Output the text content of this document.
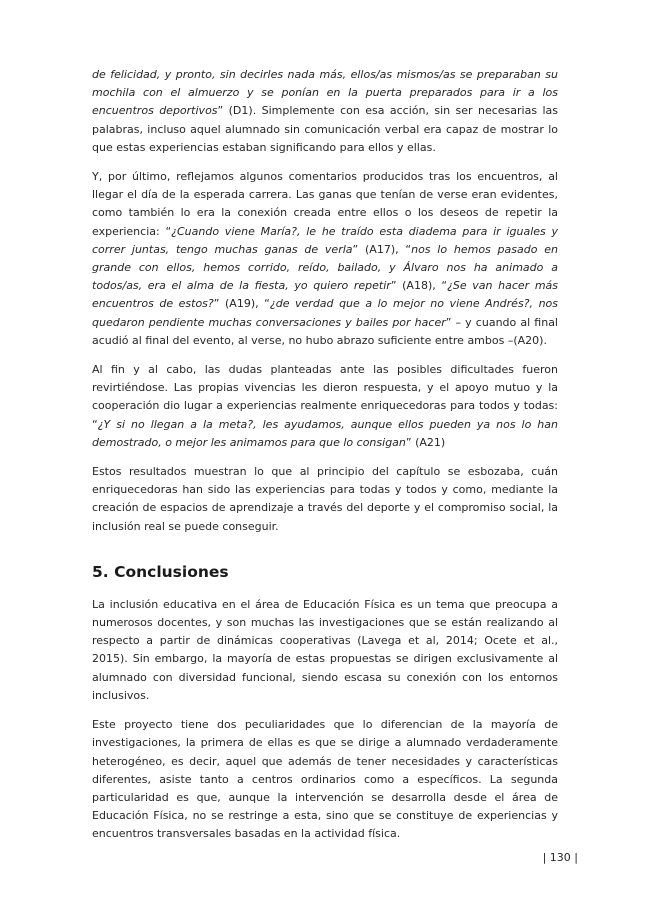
de felicidad, y pronto, sin decirles nada más, ellos/as mismos/as se preparaban su mochila con el almuerzo y se ponían en la puerta preparados para ir a los encuentros deportivos” (D1). Simplemente con esa acción, sin ser necesarias las palabras, incluso aquel alumnado sin comunicación verbal era capaz de mostrar lo que estas experiencias estaban significando para ellos y ellas.

Y, por último, reflejamos algunos comentarios producidos tras los encuentros, al llegar el día de la esperada carrera. Las ganas que tenían de verse eran evidentes, como también lo era la conexión creada entre ellos o los deseos de repetir la experiencia: “¿Cuando viene María?, le he traído esta diadema para ir iguales y correr juntas, tengo muchas ganas de verla” (A17), “nos lo hemos pasado en grande con ellos, hemos corrido, reído, bailado, y Álvaro nos ha animado a todos/as, era el alma de la fiesta, yo quiero repetir” (A18), “¿Se van hacer más encuentros de estos?” (A19), “¿de verdad que a lo mejor no viene Andrés?, nos quedaron pendiente muchas conversaciones y bailes por hacer” – y cuando al final acudió al final del evento, al verse, no hubo abrazo suficiente entre ambos –(A20).

Al fin y al cabo, las dudas planteadas ante las posibles dificultades fueron revirtiéndose. Las propias vivencias les dieron respuesta, y el apoyo mutuo y la cooperación dio lugar a experiencias realmente enriquecedoras para todos y todas: “¿Y si no llegan a la meta?, les ayudamos, aunque ellos pueden ya nos lo han demostrado, o mejor les animamos para que lo consigan” (A21)

Estos resultados muestran lo que al principio del capítulo se esbozaba, cuán enriquecedoras han sido las experiencias para todas y todos y como, mediante la creación de espacios de aprendizaje a través del deporte y el compromiso social, la inclusión real se puede conseguir.

5. Conclusiones

La inclusión educativa en el área de Educación Física es un tema que preocupa a numerosos docentes, y son muchas las investigaciones que se están realizando al respecto a partir de dinámicas cooperativas (Lavega et al, 2014; Ocete et al., 2015). Sin embargo, la mayoría de estas propuestas se dirigen exclusivamente al alumnado con diversidad funcional, siendo escasa su conexión con los entornos inclusivos.

Este proyecto tiene dos peculiaridades que lo diferencian de la mayoría de investigaciones, la primera de ellas es que se dirige a alumnado verdaderamente heterogéneo, es decir, aquel que además de tener necesidades y características diferentes, asiste tanto a centros ordinarios como a específicos. La segunda particularidad es que, aunque la intervención se desarrolla desde el área de Educación Física, no se restringe a esta, sino que se constituye de experiencias y encuentros transversales basadas en la actividad física.

| 130 |
